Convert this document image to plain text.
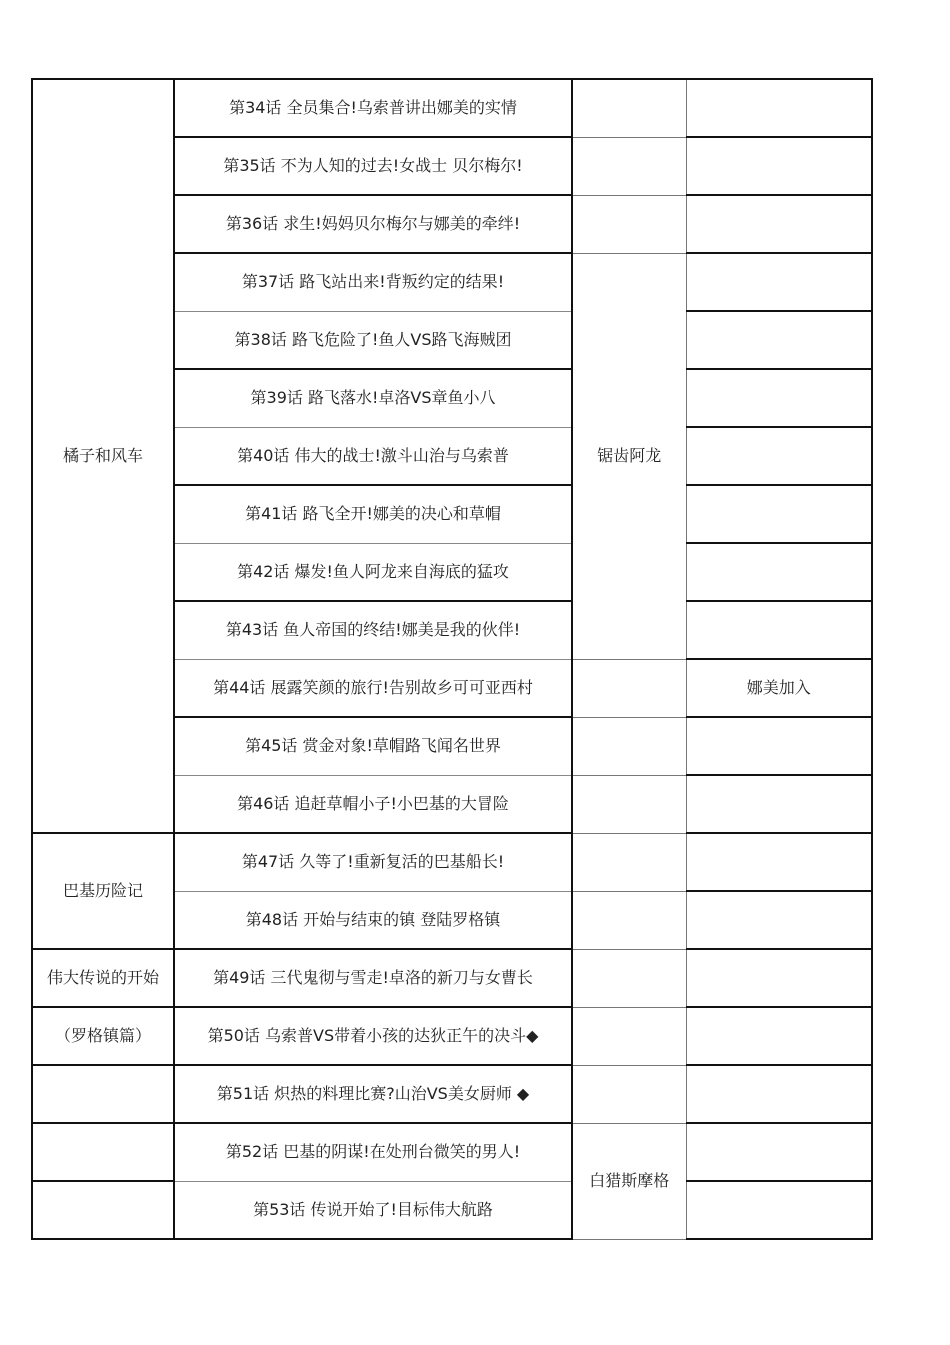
橘子和风车	第34话 全员集合!乌索普讲出娜美的实情		
	第35话 不为人知的过去!女战士 贝尔梅尔!		
	第36话 求生!妈妈贝尔梅尔与娜美的牵绊!		
	第37话 路飞站出来!背叛约定的结果!	锯齿阿龙	
	第38话 路飞危险了!鱼人VS路飞海贼团		
	第39话 路飞落水!卓洛VS章鱼小八		
	第40话 伟大的战士!激斗山治与乌索普		
	第41话 路飞全开!娜美的决心和草帽		
	第42话 爆发!鱼人阿龙来自海底的猛攻		
	第43话 鱼人帝国的终结!娜美是我的伙伴!		
	第44话 展露笑颜的旅行!告别故乡可可亚西村		娜美加入
	第45话 赏金对象!草帽路飞闻名世界		
	第46话 追赶草帽小子!小巴基的大冒险		
巴基历险记	第47话 久等了!重新复活的巴基船长!		
	第48话 开始与结束的镇 登陆罗格镇		
伟大传说的开始	第49话 三代鬼彻与雪走!卓洛的新刀与女曹长		
（罗格镇篇）	第50话 乌索普VS带着小孩的达狄正午的决斗◆		
	第51话 炽热的料理比赛?山治VS美女厨师 ◆		
	第52话 巴基的阴谋!在处刑台微笑的男人!	白猎斯摩格	
	第53话 传说开始了!目标伟大航路		
